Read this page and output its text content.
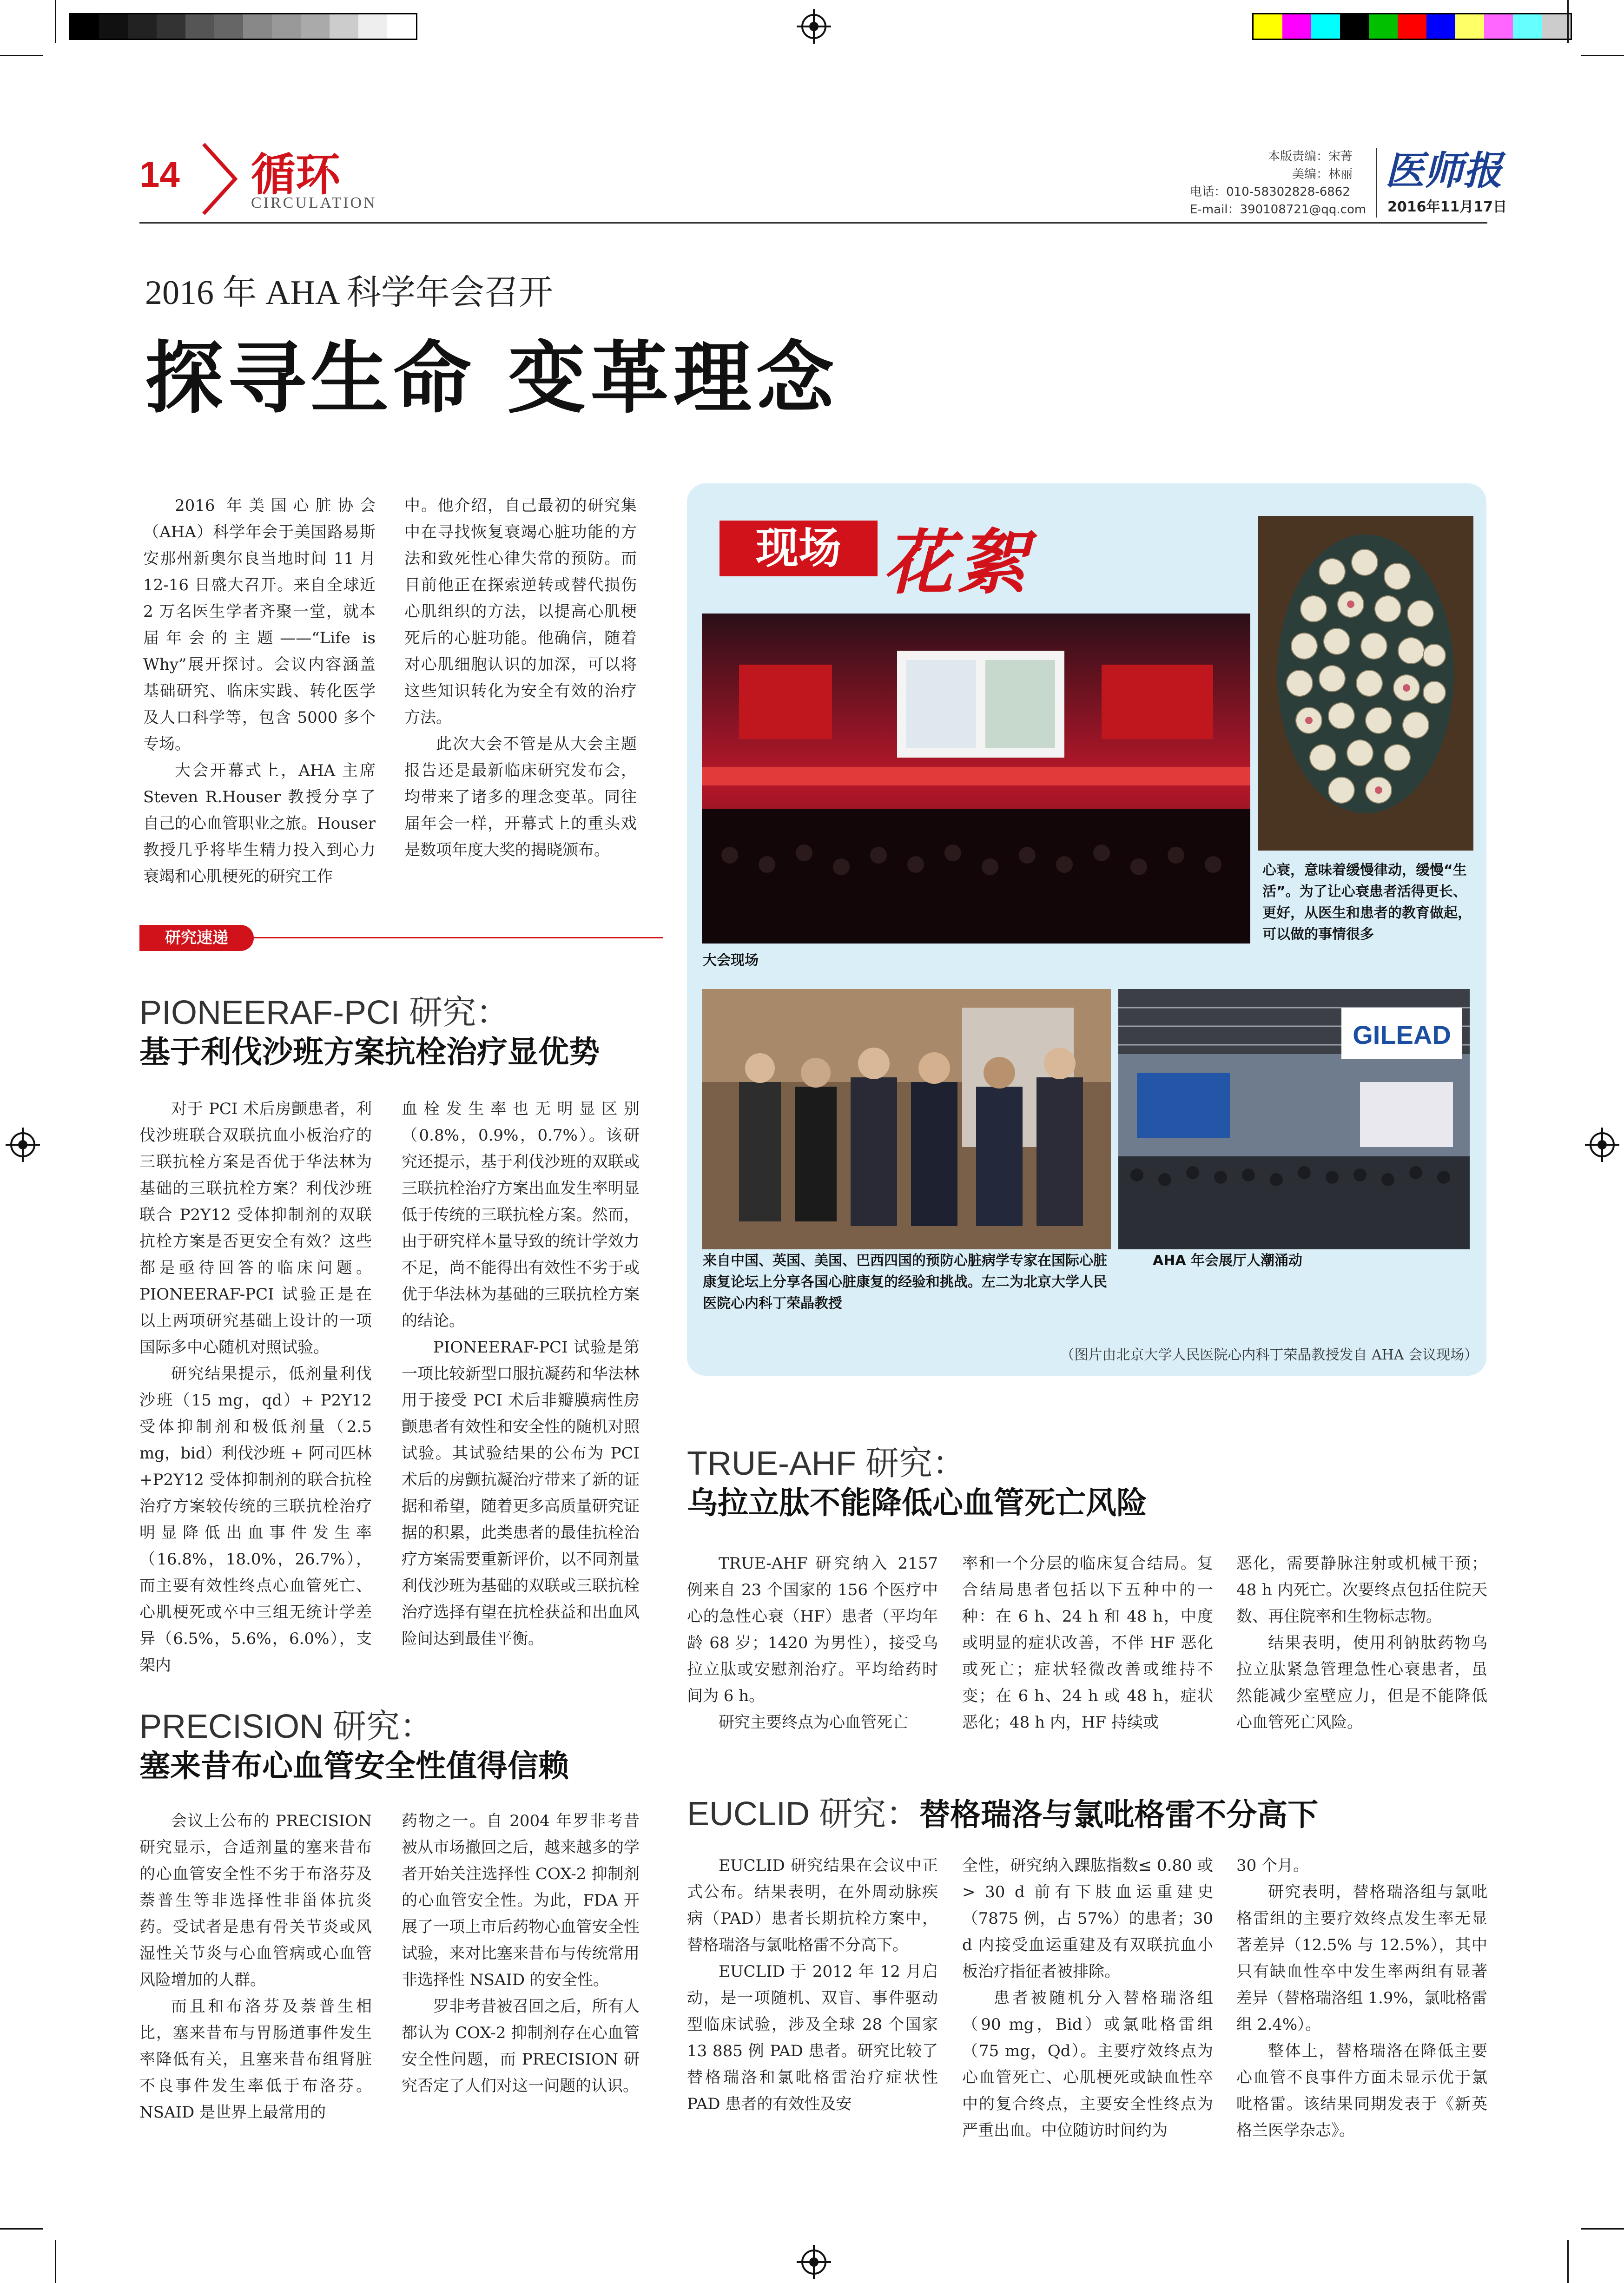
14 循环
CIRCULATION
本版责编：宋菁
美编：林丽
电话：010-58302828-6862
E-mail：390108721@qq.com
医师报
2016年11月17日
2016 年 AHA 科学年会召开
探寻生命 变革理念

2016 年美国心脏协会（AHA）科学年会于美国路易斯安那州新奥尔良当地时间 11 月 12-16 日盛大召开。来自全球近 2 万名医生学者齐聚一堂，就本届年会的主题——“Life is Why”展开探讨。会议内容涵盖基础研究、临床实践、转化医学及人口科学等，包含 5000 多个专场。

大会开幕式上，AHA 主席 Steven R.Houser 教授分享了自己的心血管职业之旅。Houser 教授几乎将毕生精力投入到心力衰竭和心肌梗死的研究工作

中。他介绍，自己最初的研究集中在寻找恢复衰竭心脏功能的方法和致死性心律失常的预防。而目前他正在探索逆转或替代损伤心肌组织的方法，以提高心肌梗死后的心脏功能。他确信，随着对心肌细胞认识的加深，可以将这些知识转化为安全有效的治疗方法。

此次大会不管是从大会主题报告还是最新临床研究发布会，均带来了诸多的理念变革。同往届年会一样，开幕式上的重头戏是数项年度大奖的揭晓颁布。

现场 花絮
大会现场
心衰，意味着缓慢律动，缓慢“生活”。为了让心衰患者活得更长、更好，从医生和患者的教育做起，可以做的事情很多
来自中国、英国、美国、巴西四国的预防心脏病学专家在国际心脏康复论坛上分享各国心脏康复的经验和挑战。左二为北京大学人民医院心内科丁荣晶教授
GILEAD
AHA 年会展厅人潮涌动
（图片由北京大学人民医院心内科丁荣晶教授发自 AHA 会议现场）
研究速递
PIONEERAF-PCI 研究：
基于利伐沙班方案抗栓治疗显优势

对于 PCI 术后房颤患者，利伐沙班联合双联抗血小板治疗的三联抗栓方案是否优于华法林为基础的三联抗栓方案？利伐沙班联合 P2Y12 受体抑制剂的双联抗栓方案是否更安全有效？这些都是亟待回答的临床问题。PIONEERAF-PCI 试验正是在以上两项研究基础上设计的一项国际多中心随机对照试验。

研究结果提示，低剂量利伐沙班（15 mg，qd）+ P2Y12 受体抑制剂和极低剂量（2.5 mg，bid）利伐沙班 + 阿司匹林 +P2Y12 受体抑制剂的联合抗栓治疗方案较传统的三联抗栓治疗明显降低出血事件发生率（16.8%，18.0%，26.7%），而主要有效性终点心血管死亡、心肌梗死或卒中三组无统计学差异（6.5%，5.6%，6.0%），支架内

血栓发生率也无明显区别（0.8%，0.9%，0.7%）。该研究还提示，基于利伐沙班的双联或三联抗栓治疗方案出血发生率明显低于传统的三联抗栓方案。然而，由于研究样本量导致的统计学效力不足，尚不能得出有效性不劣于或优于华法林为基础的三联抗栓方案的结论。

PIONEERAF-PCI 试验是第一项比较新型口服抗凝药和华法林用于接受 PCI 术后非瓣膜病性房颤患者有效性和安全性的随机对照试验。其试验结果的公布为 PCI 术后的房颤抗凝治疗带来了新的证据和希望，随着更多高质量研究证据的积累，此类患者的最佳抗栓治疗方案需要重新评价，以不同剂量利伐沙班为基础的双联或三联抗栓治疗选择有望在抗栓获益和出血风险间达到最佳平衡。

PRECISION 研究：
塞来昔布心血管安全性值得信赖

会议上公布的 PRECISION 研究显示，合适剂量的塞来昔布的心血管安全性不劣于布洛芬及萘普生等非选择性非甾体抗炎药。受试者是患有骨关节炎或风湿性关节炎与心血管病或心血管风险增加的人群。

而且和布洛芬及萘普生相比，塞来昔布与胃肠道事件发生率降低有关，且塞来昔布组肾脏不良事件发生率低于布洛芬。NSAID 是世界上最常用的

药物之一。自 2004 年罗非考昔被从市场撤回之后，越来越多的学者开始关注选择性 COX-2 抑制剂的心血管安全性。为此，FDA 开展了一项上市后药物心血管安全性试验，来对比塞来昔布与传统常用非选择性 NSAID 的安全性。

罗非考昔被召回之后，所有人都认为 COX-2 抑制剂存在心血管安全性问题，而 PRECISION 研究否定了人们对这一问题的认识。

TRUE-AHF 研究：
乌拉立肽不能降低心血管死亡风险

TRUE-AHF 研究纳入 2157 例来自 23 个国家的 156 个医疗中心的急性心衰（HF）患者（平均年龄 68 岁；1420 为男性），接受乌拉立肽或安慰剂治疗。平均给药时间为 6 h。

研究主要终点为心血管死亡

率和一个分层的临床复合结局。复合结局患者包括以下五种中的一种：在 6 h、24 h 和 48 h，中度或明显的症状改善，不伴 HF 恶化或死亡；症状轻微改善或维持不变；在 6 h、24 h 或 48 h，症状恶化；48 h 内，HF 持续或

恶化，需要静脉注射或机械干预；48 h 内死亡。次要终点包括住院天数、再住院率和生物标志物。

结果表明，使用利钠肽药物乌拉立肽紧急管理急性心衰患者，虽然能减少室壁应力，但是不能降低心血管死亡风险。

EUCLID 研究：替格瑞洛与氯吡格雷不分高下

EUCLID 研究结果在会议中正式公布。结果表明，在外周动脉疾病（PAD）患者长期抗栓方案中，替格瑞洛与氯吡格雷不分高下。

EUCLID 于 2012 年 12 月启动，是一项随机、双盲、事件驱动型临床试验，涉及全球 28 个国家 13 885 例 PAD 患者。研究比较了替格瑞洛和氯吡格雷治疗症状性 PAD 患者的有效性及安

全性，研究纳入踝肱指数≤ 0.80 或 > 30 d 前有下肢血运重建史（7875 例，占 57%）的患者；30 d 内接受血运重建及有双联抗血小板治疗指征者被排除。

患者被随机分入替格瑞洛组（90 mg，Bid）或氯吡格雷组（75 mg，Qd）。主要疗效终点为心血管死亡、心肌梗死或缺血性卒中的复合终点，主要安全性终点为严重出血。中位随访时间约为

30 个月。

研究表明，替格瑞洛组与氯吡格雷组的主要疗效终点发生率无显著差异（12.5% 与 12.5%），其中只有缺血性卒中发生率两组有显著差异（替格瑞洛组 1.9%，氯吡格雷组 2.4%）。

整体上，替格瑞洛在降低主要心血管不良事件方面未显示优于氯吡格雷。该结果同期发表于《新英格兰医学杂志》。
